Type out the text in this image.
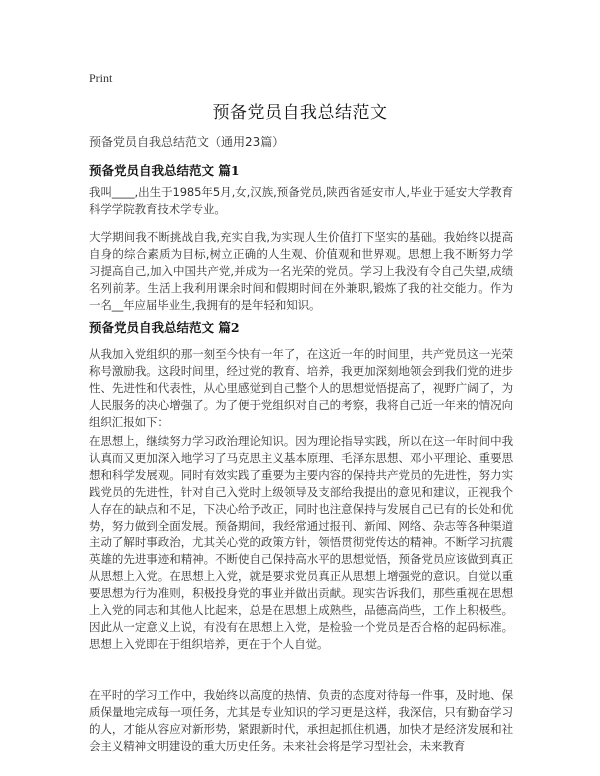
Print
预备党员自我总结范文
预备党员自我总结范文（通用23篇）
预备党员自我总结范文 篇1
我叫____,出生于1985年5月,女,汉族,预备党员,陕西省延安市人,毕业于延安大学教育科学学院教育技术学专业。
大学期间我不断挑战自我,充实自我,为实现人生价值打下坚实的基础。我始终以提高自身的综合素质为目标,树立正确的人生观、价值观和世界观。思想上我不断努力学习提高自己,加入中国共产党,并成为一名光荣的党员。学习上我没有令自己失望,成绩名列前茅。生活上我利用课余时间和假期时间在外兼职,锻炼了我的社交能力。作为一名__年应届毕业生,我拥有的是年轻和知识。
预备党员自我总结范文 篇2
从我加入党组织的那一刻至今快有一年了，在这近一年的时间里，共产党员这一光荣称号激励我。这段时间里，经过党的教育、培养，我更加深刻地领会到我们党的进步性、先进性和代表性，从心里感觉到自己整个人的思想觉悟提高了，视野广阔了，为人民服务的决心增强了。为了便于党组织对自己的考察，我将自己近一年来的情况向组织汇报如下：
在思想上，继续努力学习政治理论知识。因为理论指导实践，所以在这一年时间中我认真而又更加深入地学习了马克思主义基本原理、毛泽东思想、邓小平理论、重要思想和科学发展观。同时有效实践了重要为主要内容的保持共产党员的先进性，努力实践党员的先进性，针对自己入党时上级领导及支部给我提出的意见和建议，正视我个人存在的缺点和不足，下决心给予改正，同时也注意保持与发展自己已有的长处和优势，努力做到全面发展。预备期间，我经常通过报刊、新闻、网络、杂志等各种渠道主动了解时事政治，尤其关心党的政策方针，领悟贯彻党传达的精神。不断学习抗震英雄的先进事迹和精神。不断使自己保持高水平的思想觉悟，预备党员应该做到真正从思想上入党。在思想上入党，就是要求党员真正从思想上增强党的意识。自觉以重要思想为行为准则，积极投身党的事业并做出贡献。现实告诉我们，那些重视在思想上入党的同志和其他人比起来，总是在思想上成熟些，品德高尚些，工作上积极些。因此从一定意义上说，有没有在思想上入党，是检验一个党员是否合格的起码标准。思想上入党即在于组织培养，更在于个人自觉。
在平时的学习工作中，我始终以高度的热情、负责的态度对待每一件事，及时地、保质保量地完成每一项任务，尤其是专业知识的学习更是这样，我深信，只有勤奋学习的人，才能从容应对新形势，紧跟新时代，承担起抓住机遇，加快才是经济发展和社会主义精神文明建设的重大历史任务。未来社会将是学习型社会，未来教育
